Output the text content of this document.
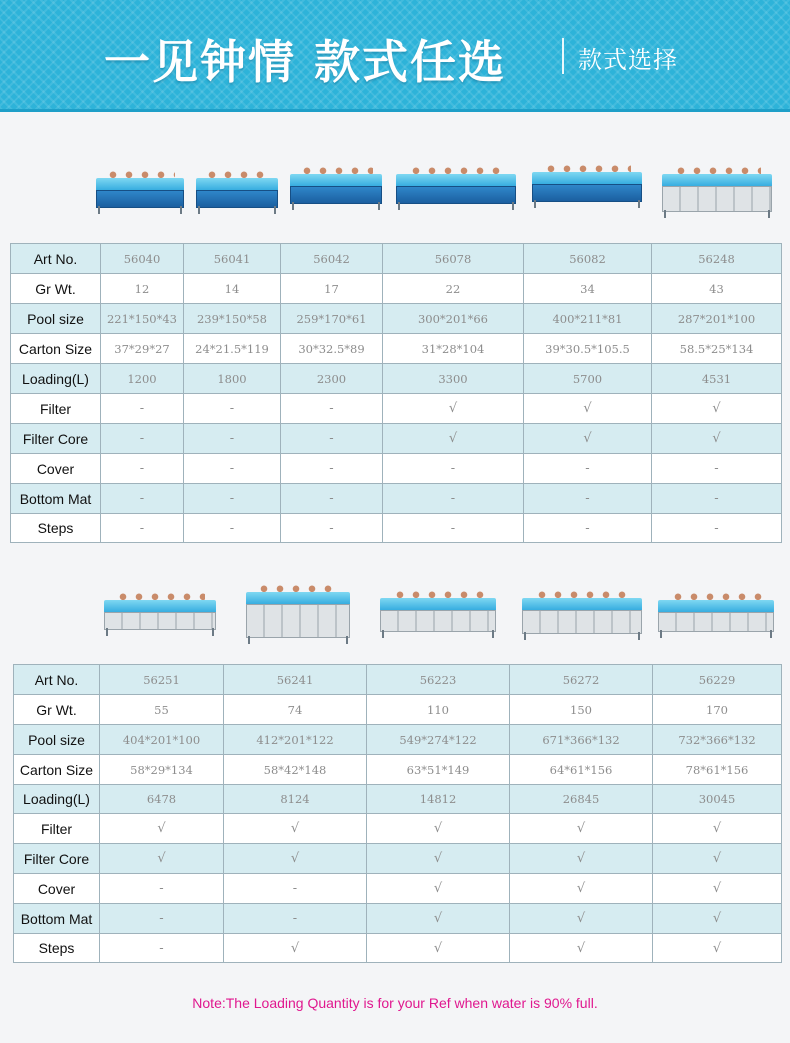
一见钟情 款式任选	款式选择
Art No.	56040	56041	56042	56078	56082	56248
Gr Wt.	12	14	17	22	34	43
Pool size	221*150*43	239*150*58	259*170*61	300*201*66	400*211*81	287*201*100
Carton Size	37*29*27	24*21.5*119	30*32.5*89	31*28*104	39*30.5*105.5	58.5*25*134
Loading(L)	1200	1800	2300	3300	5700	4531
Filter	-	-	-	√	√	√
Filter Core	-	-	-	√	√	√
Cover	-	-	-	-	-	-
Bottom Mat	-	-	-	-	-	-
Steps	-	-	-	-	-	-
Art No.	56251	56241	56223	56272	56229
Gr Wt.	55	74	110	150	170
Pool size	404*201*100	412*201*122	549*274*122	671*366*132	732*366*132
Carton Size	58*29*134	58*42*148	63*51*149	64*61*156	78*61*156
Loading(L)	6478	8124	14812	26845	30045
Filter	√	√	√	√	√
Filter Core	√	√	√	√	√
Cover	-	-	√	√	√
Bottom Mat	-	-	√	√	√
Steps	-	√	√	√	√
Note:The Loading Quantity is for your Ref when water is 90% full.
